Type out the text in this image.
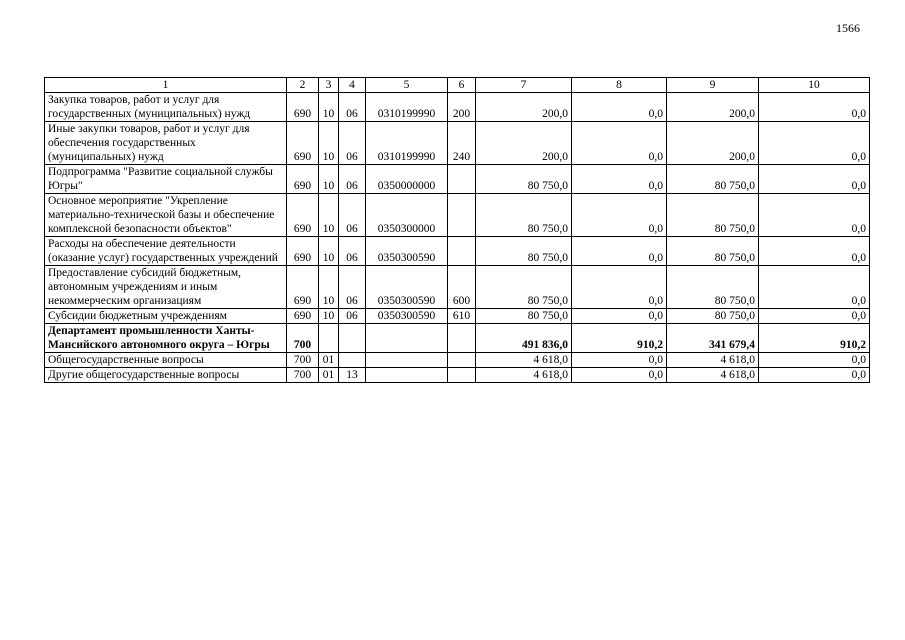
1566
1	2	3	4	5	6	7	8	9	10
Закупка товаров, работ и услуг для государственных (муниципальных) нужд	690	10	06	0310199990	200	200,0	0,0	200,0	0,0
Иные закупки товаров, работ и услуг для обеспечения государственных (муниципальных) нужд	690	10	06	0310199990	240	200,0	0,0	200,0	0,0
Подпрограмма "Развитие социальной службы Югры"	690	10	06	0350000000		80 750,0	0,0	80 750,0	0,0
Основное мероприятие "Укрепление материально-технической базы и обеспечение комплексной безопасности объектов"	690	10	06	0350300000		80 750,0	0,0	80 750,0	0,0
Расходы на обеспечение деятельности (оказание услуг) государственных учреждений	690	10	06	0350300590		80 750,0	0,0	80 750,0	0,0
Предоставление субсидий бюджетным, автономным учреждениям и иным некоммерческим организациям	690	10	06	0350300590	600	80 750,0	0,0	80 750,0	0,0
Субсидии бюджетным учреждениям	690	10	06	0350300590	610	80 750,0	0,0	80 750,0	0,0
Департамент промышленности Ханты-Мансийского автономного округа – Югры	700					491 836,0	910,2	341 679,4	910,2
Общегосударственные вопросы	700	01				4 618,0	0,0	4 618,0	0,0
Другие общегосударственные вопросы	700	01	13			4 618,0	0,0	4 618,0	0,0
